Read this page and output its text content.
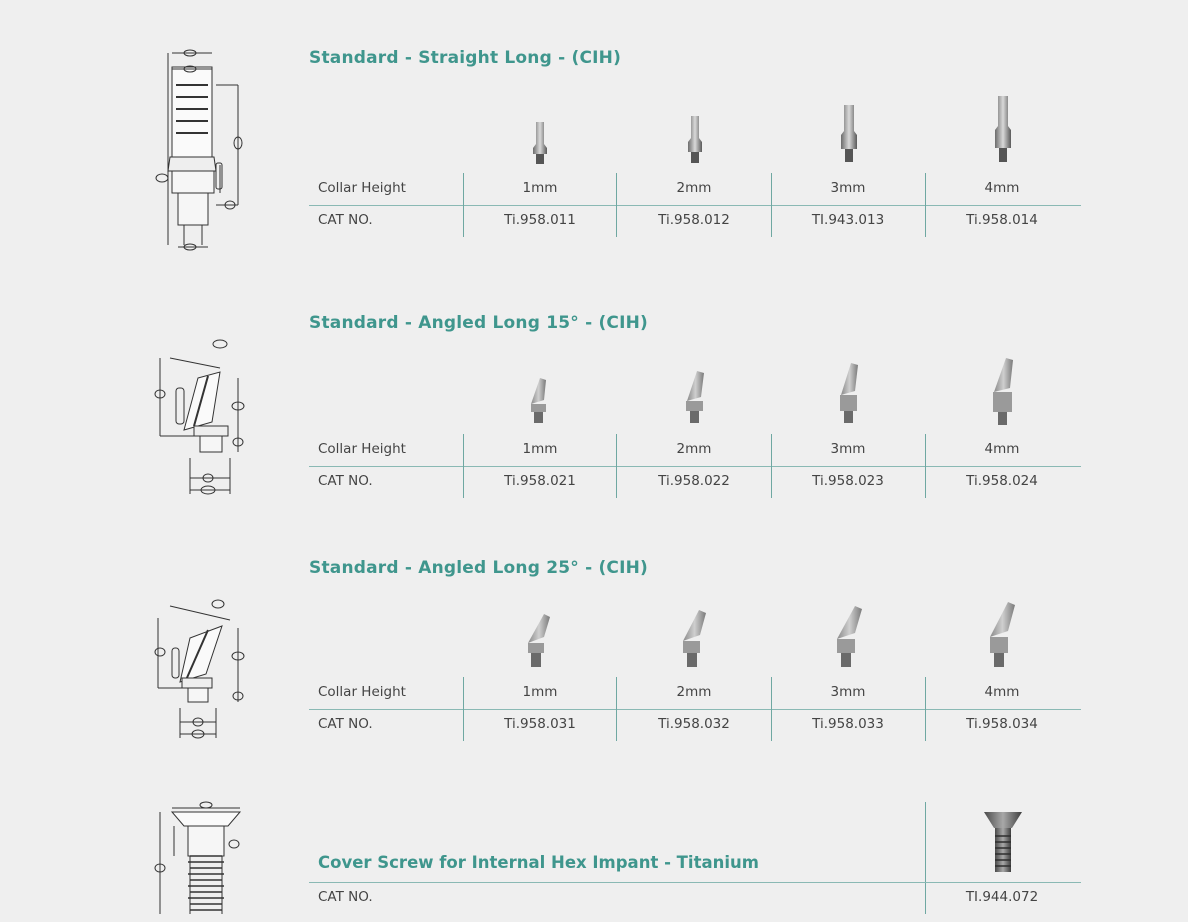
Standard - Straight Long - (CIH)
Collar Height	1mm	2mm	3mm	4mm
CAT NO.	Ti.958.011	Ti.958.012	TI.943.013	Ti.958.014
Standard - Angled Long 15° - (CIH)
Collar Height	1mm	2mm	3mm	4mm
CAT NO.	Ti.958.021	Ti.958.022	Ti.958.023	Ti.958.024
Standard - Angled Long 25° - (CIH)
Collar Height	1mm	2mm	3mm	4mm
CAT NO.	Ti.958.031	Ti.958.032	Ti.958.033	Ti.958.034
Cover Screw for Internal Hex Impant - Titanium
CAT NO.	TI.944.072
